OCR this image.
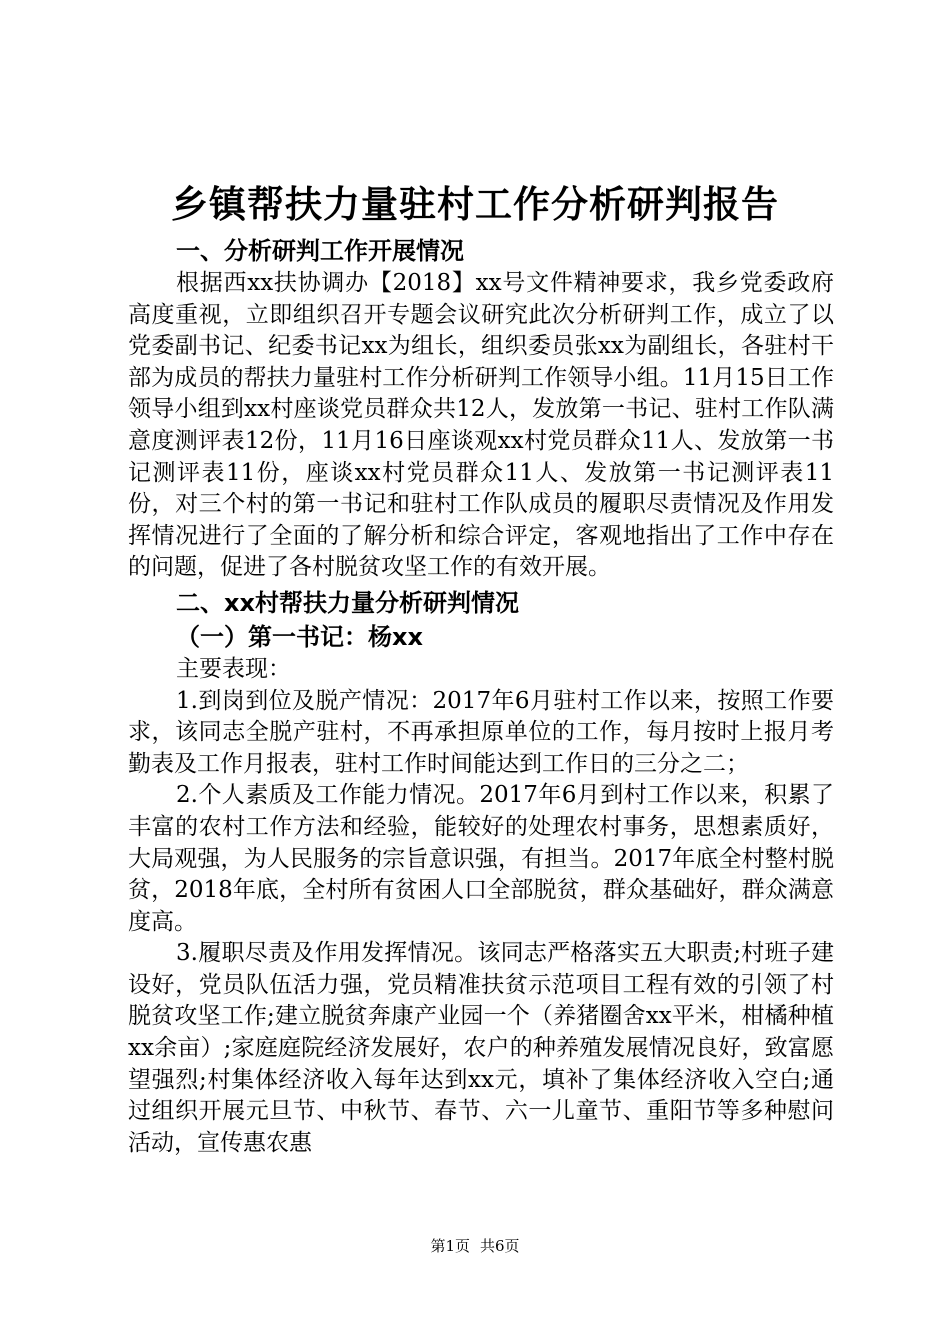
乡镇帮扶力量驻村工作分析研判报告

一、分析研判工作开展情况

根据西xx扶协调办【2018】xx号文件精神要求，我乡党委政府高度重视，立即组织召开专题会议研究此次分析研判工作，成立了以党委副书记、纪委书记xx为组长，组织委员张xx为副组长，各驻村干部为成员的帮扶力量驻村工作分析研判工作领导小组。11月15日工作领导小组到xx村座谈党员群众共12人，发放第一书记、驻村工作队满意度测评表12份，11月16日座谈观xx村党员群众11人、发放第一书记测评表11份，座谈xx村党员群众11人、发放第一书记测评表11份，对三个村的第一书记和驻村工作队成员的履职尽责情况及作用发挥情况进行了全面的了解分析和综合评定，客观地指出了工作中存在的问题，促进了各村脱贫攻坚工作的有效开展。

二、xx村帮扶力量分析研判情况

（一）第一书记：杨xx

主要表现：

1.到岗到位及脱产情况：2017年6月驻村工作以来，按照工作要求，该同志全脱产驻村，不再承担原单位的工作，每月按时上报月考勤表及工作月报表，驻村工作时间能达到工作日的三分之二；

2.个人素质及工作能力情况。2017年6月到村工作以来，积累了丰富的农村工作方法和经验，能较好的处理农村事务，思想素质好，大局观强，为人民服务的宗旨意识强，有担当。2017年底全村整村脱贫，2018年底，全村所有贫困人口全部脱贫，群众基础好，群众满意度高。

3.履职尽责及作用发挥情况。该同志严格落实五大职责;村班子建设好，党员队伍活力强，党员精准扶贫示范项目工程有效的引领了村脱贫攻坚工作;建立脱贫奔康产业园一个（养猪圈舍xx平米，柑橘种植xx余亩）;家庭庭院经济发展好，农户的种养殖发展情况良好，致富愿望强烈;村集体经济收入每年达到xx元，填补了集体经济收入空白;通过组织开展元旦节、中秋节、春节、六一儿童节、重阳节等多种慰问活动，宣传惠农惠

第1页 共6页
